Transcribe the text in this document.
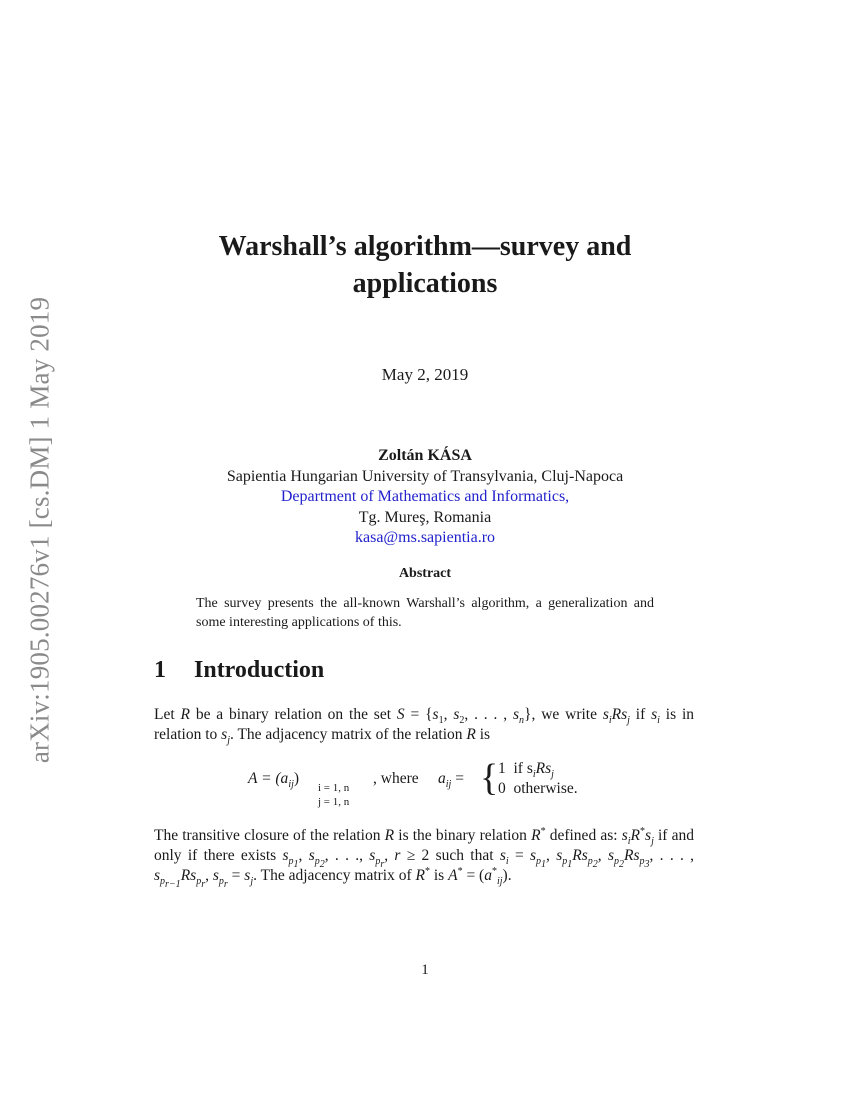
arXiv:1905.00276v1 [cs.DM] 1 May 2019
Warshall’s algorithm—survey and
applications
May 2, 2019
Zoltán KÁSA
Sapientia Hungarian University of Transylvania, Cluj-Napoca
Department of Mathematics and Informatics,
Tg. Mureş, Romania
kasa@ms.sapientia.ro
Abstract
The survey presents the all-known Warshall’s algorithm, a generalization and some interesting applications of this.
1 Introduction
Let R be a binary relation on the set $S = \{s_1$, $s_2$, . . . , $s_n$}, we write $s_iRs_j$ if $s_i$ is in relation to $s_j$. The adjacency matrix of the relation R is
$A = (a_{ij})$
i = 1, n
j = 1, n
, where $a_{ij}$ = { 1 if $s_iRs_j$
0 otherwise.
The transitive closure of the relation R is the binary relation R* defined as: $s_iR^*s_j$ if and only if there exists $s_{p_1}$, $s_{p_2}$, . . ., $s_{p_r}$, r ≥ 2 such that $s_i = s_{p_1}$, $s_{p_1}Rs_{p_2}$, $s_{p_2}Rs_{p_3}$, . . . , $s_{p_{r-1}}Rs_{p_r}$, $s_{p_r} = s_j$. The adjacency matrix of R* is $A^* = (a^*_{ij})$.
1
